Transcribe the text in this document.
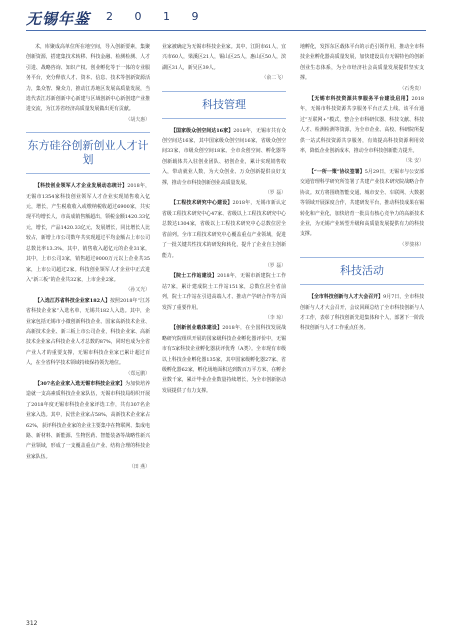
无锡年鉴 2 0 1 9

术，库聚成高单位所在地空间，导入创新要素，集聚创新资源，搭建集技术转移、科技金融、检测检测、人才引进、战略咨询、知识产权、创业孵化等于一体的专业服务平台，充分释放人才、资本、信息、技术等创新资源活力，集众智、聚众力，推动江苏地区发展高质量发展，当选代表江苏新创新中心新建与区域创新中心新创建产业推进交流，为江苏省经济高质量发展做出更有贡献。

（胡夫惠）

东方硅谷创新创业人才计划

【科技创业领军人才企业发展动态统计】2018年，无锡市1354家科技创业领军人才企业实现销售收入亿元，增长，产生税收收入或缴纳税收超过6900家，共实现平均增长人，市高成销售额超出，领税金额1420.33亿元，增长，产品1420.33亿元，发展增长，同比增长人比较占，新增上市公司数年共实现超过平均金额占上市公司总数比率13.3%，其中，销售收入超亿元的企业31家，其中，上市公司3家，销售超过9000万元以上企业共35家，上市公司超过2家。科技创业领军人才企业中正式进入“新三板”的企业共32家，上市企业2家。

（孙又光）

【入选江苏省科技企业家182人】按照2018年“江苏省科技企业家”入选名单，无锡共182人入选。其中，企业家包括无锡市小微创新科技企业、国家高新技术企业、高新技术企业、新三板上市公司企业，科技企业家、高新技术企业家占科技企业人才总数的87%，同时也成为全省产业人才的重要支撑，无锡市科技企业家已累计超过百人，在全省科学技术领域持续保持领先地位。

（郑远鹏）

【307名企业家入选无锡市科技企业家】为加快培养造就一支高素质科技企业家队伍，无锡市科技局组织开展了2018年度无锡市科技企业家评选工作，共有307名企业家入选。其中，民营企业家占58%，高新技术企业家占62%，获评科技企业家的企业主要集中在物联网、集成电路、新材料、新能源、生物医药、智能装备等战略性新兴产业领域，形成了一支覆盖重点产业、结构合理的科技企业家队伍。

（田 燕）

业家被确定为无锡市科技企业家。其中，江阴市61人，宜兴市60人，梁溪区21人，锡山区25人，惠山区50人，滨湖区31人，新吴区39人。

（俞二飞）

科技管理

【国家级众创空间达16家】2018年，无锡市共有众创空间达16家，其中国家级众创空间16家，省级众创空间33家，市级众创空间18家。全市众创空间、孵化器等创新载体共入驻创业团队、初创企业，累计实现销售收入，带动就业人数，为大众创业、万众创新提供良好支撑，推动全市科技创新创业高质量发展。

（罗 磊）

【工程技术研究中心建设】2018年，无锡市新认定省级工程技术研究中心47家、省级以上工程技术研究中心总数达1304家，省级以上工程技术研究中心总数位居全省前列。全市工程技术研究中心覆盖重点产业领域，促进了一批关键共性技术的研发和转化，提升了企业自主创新能力。

（罗 磊）

【院士工作站建设】2018年，无锡市新建院士工作站7家，累计建成院士工作站151家，总数位居全省前列，院士工作站在引进高端人才、推动产学研合作等方面发挥了重要作用。

（李 琼）

【创新创业载体建设】2018年，在全国科技发展战略研究院组织开展的国家级科技企业孵化器评价中，无锡市有5家科技企业孵化器获评优秀（A类）。全市现有市级以上科技企业孵化器135家，其中国家级孵化器27家、省级孵化器62家，孵化场地面积达到数百万平方米，在孵企业数千家，累计毕业企业数量持续增长，为全市创新驱动发展提供了有力支撑。

地孵化，发挥东区载体平台的示范引领作用，推动全市科技企业孵化器高质量发展，加快建设具有无锡特色的创新创业生态体系，为全市经济社会高质量发展提供坚实支撑。

（石秀贵）

【无锡市科技资源共享服务平台建设启用】2018年，无锡市科技资源共享服务平台正式上线。该平台通过“互联网+”模式，整合全市科研仪器、科技文献、科技人才、检测检测等资源，为全市企业、高校、科研院所提供一站式科技资源共享服务，有效提高科技资源利用效率，降低企业创新成本，推动全市科技创新能力提升。

（朱 安）

【“一所一策”协议签署】5月29日，无锡市与公安部交通管理科学研究所签署了共建产业技术研究院战略合作协议。双方将围绕智能交通、城市安全、车联网、大数据等领域开展深度合作，共建研发平台，推动科技成果在锡转化和产业化，加快培育一批具有核心竞争力的高新技术企业，为无锡产业转型升级和高质量发展提供有力的科技支撑。

（罗骏林）

科技活动

【全市科技创新与人才大会召开】9月7日，全市科技创新与人才大会召开，会议回顾总结了全市科技创新与人才工作，表彰了科技创新先进集体和个人，部署下一阶段科技创新与人才工作重点任务。

312
